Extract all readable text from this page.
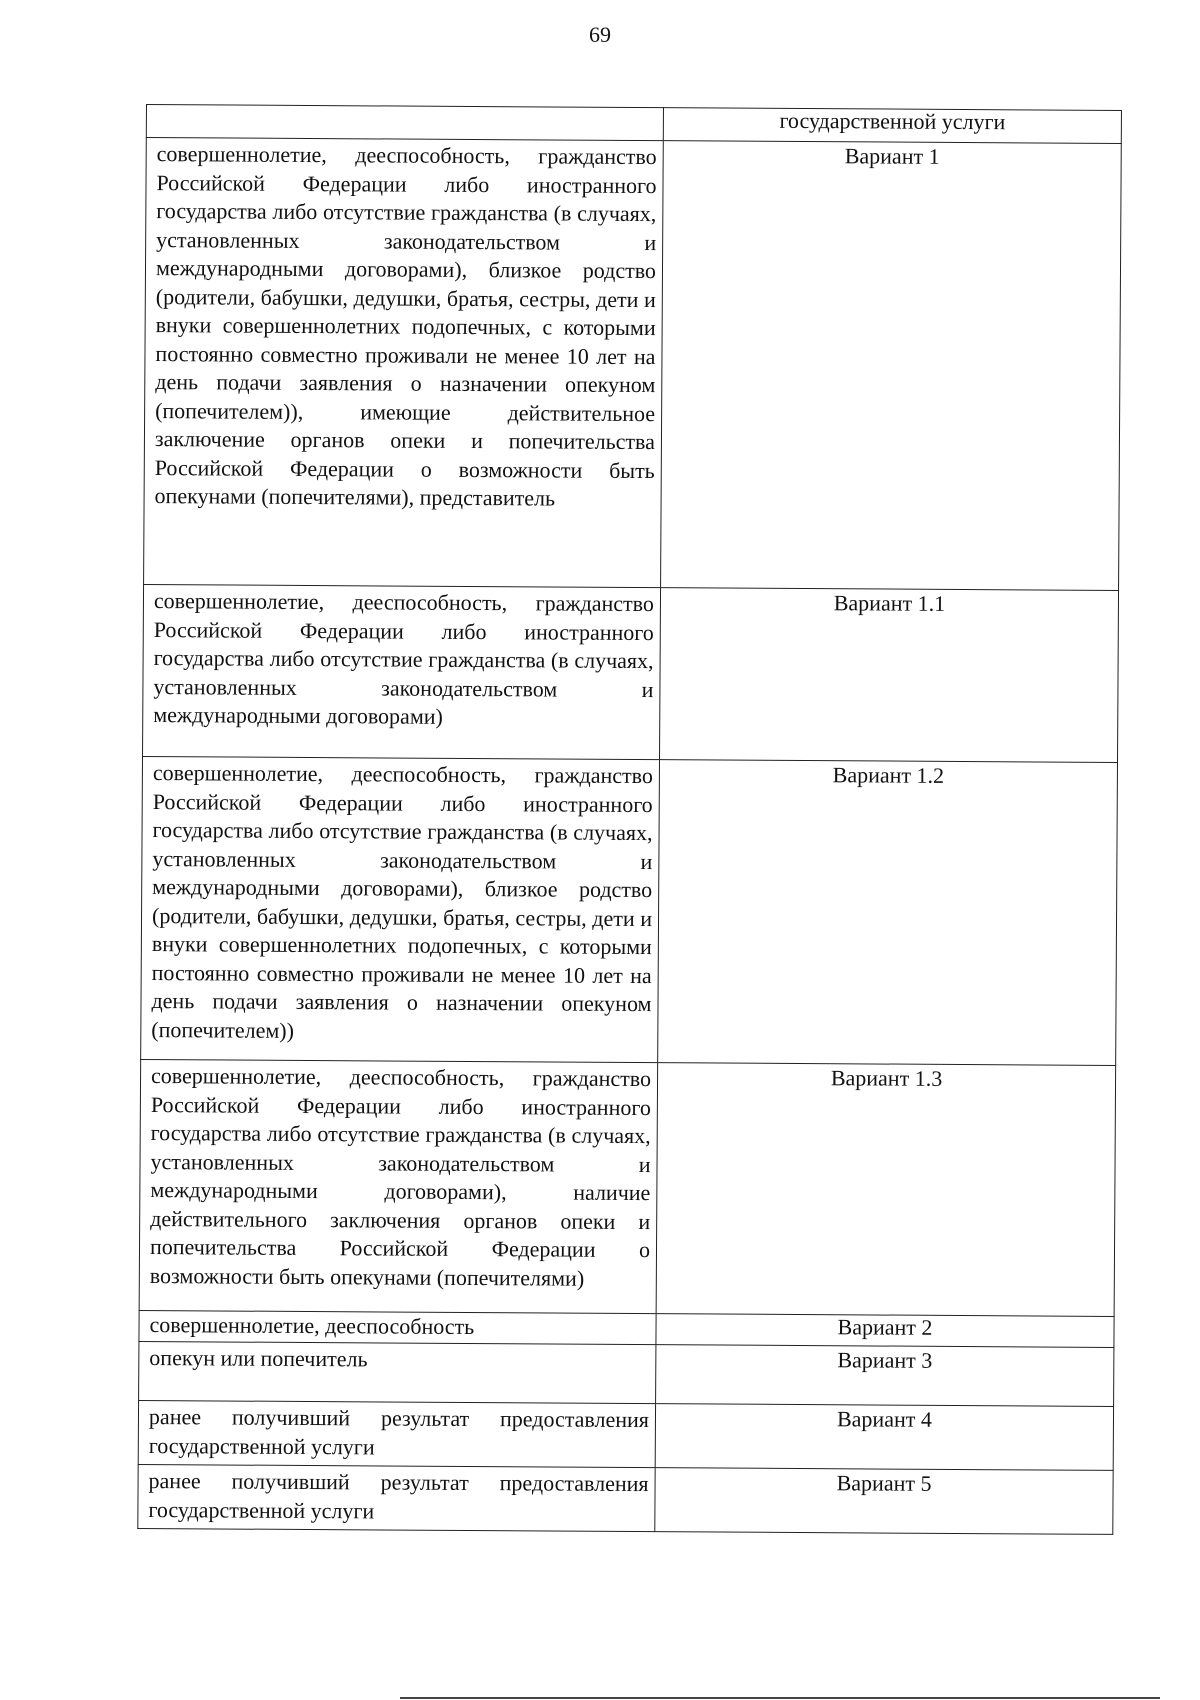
69
	государственной услуги
совершеннолетие, дееспособность, гражданство Российской Федерации либо иностранного государства либо отсутствие гражданства (в случаях, установленных законодательством и международными договорами), близкое родство (родители, бабушки, дедушки, братья, сестры, дети и внуки совершеннолетних подопечных, с которыми постоянно совместно проживали не менее 10 лет на день подачи заявления о назначении опекуном (попечителем)), имеющие действительное заключение органов опеки и попечительства Российской Федерации о возможности быть опекунами (попечителями), представитель	Вариант 1
совершеннолетие, дееспособность, гражданство Российской Федерации либо иностранного государства либо отсутствие гражданства (в случаях, установленных законодательством и международными договорами)	Вариант 1.1
совершеннолетие, дееспособность, гражданство Российской Федерации либо иностранного государства либо отсутствие гражданства (в случаях, установленных законодательством и международными договорами), близкое родство (родители, бабушки, дедушки, братья, сестры, дети и внуки совершеннолетних подопечных, с которыми постоянно совместно проживали не менее 10 лет на день подачи заявления о назначении опекуном (попечителем))	Вариант 1.2
совершеннолетие, дееспособность, гражданство Российской Федерации либо иностранного государства либо отсутствие гражданства (в случаях, установленных законодательством и международными договорами), наличие действительного заключения органов опеки и попечительства Российской Федерации о возможности быть опекунами (попечителями)	Вариант 1.3
совершеннолетие, дееспособность	Вариант 2
опекун или попечитель	Вариант 3
ранее получивший результат предоставления государственной услуги	Вариант 4
ранее получивший результат предоставления государственной услуги	Вариант 5
